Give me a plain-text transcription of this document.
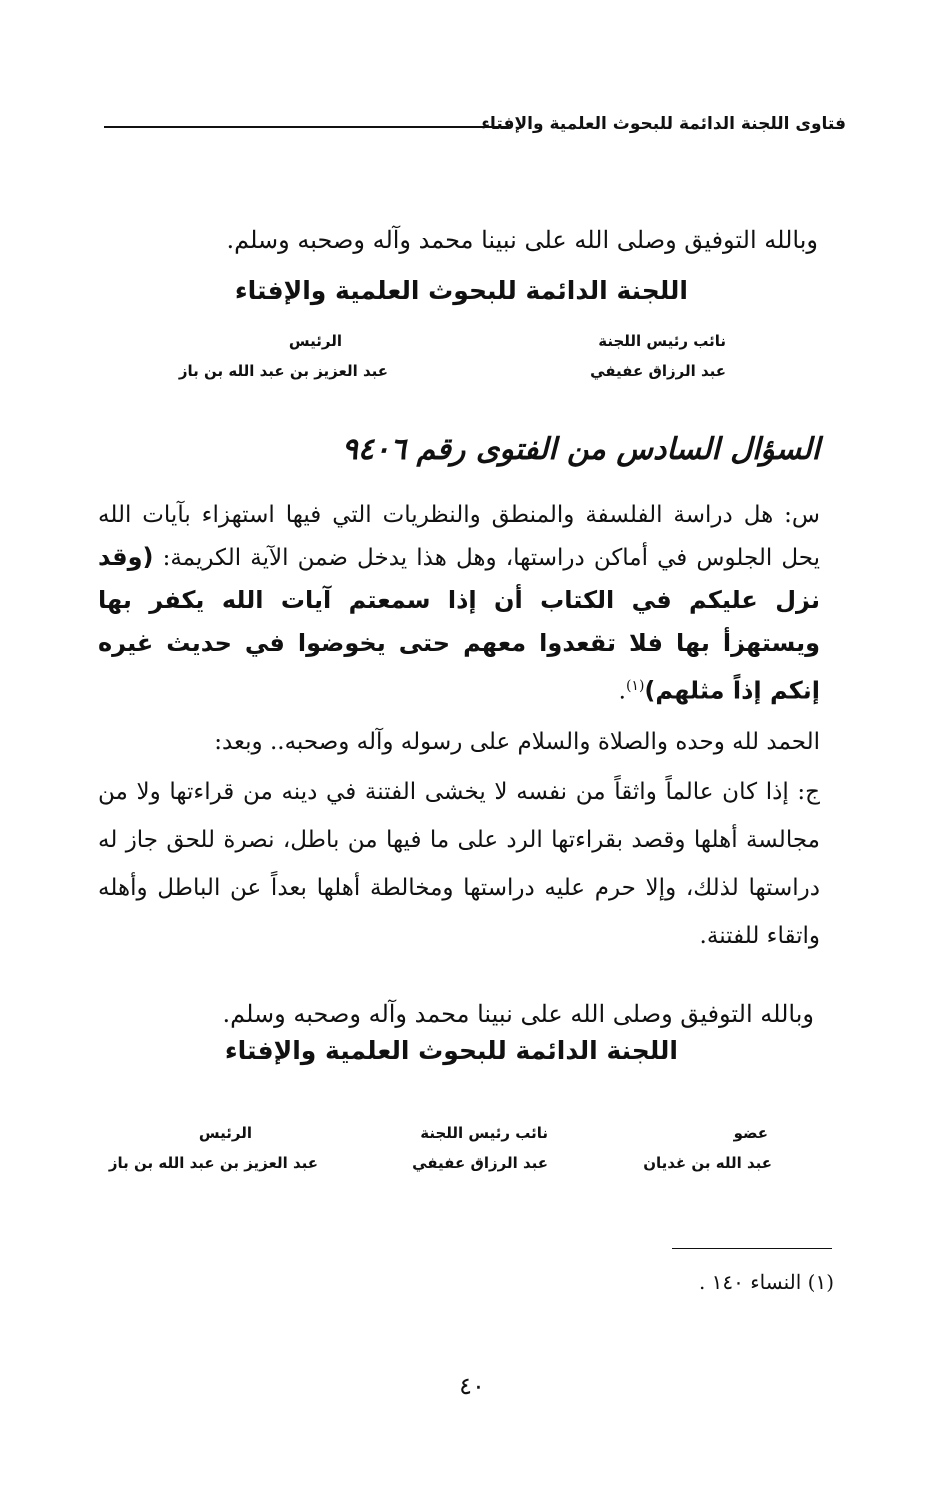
فتاوى اللجنة الدائمة للبحوث العلمية والإفتاء
وبالله التوفيق وصلى الله على نبينا محمد وآله وصحبه وسلم.
اللجنة الدائمة للبحوث العلمية والإفتاء
نائب رئيس اللجنة
عبد الرزاق عفيفي
الرئيس
عبد العزيز بن عبد الله بن باز
السؤال السادس من الفتوى رقم ٩٤٠٦
س: هل دراسة الفلسفة والمنطق والنظريات التي فيها استهزاء بآيات الله يحل الجلوس في أماكن دراستها، وهل هذا يدخل ضمن الآية الكريمة: (وقد نزل عليكم في الكتاب أن إذا سمعتم آيات الله يكفر بها ويستهزأ بها فلا تقعدوا معهم حتى يخوضوا في حديث غيره إنكم إذاً مثلهم)$^{(١)}$.
الحمد لله وحده والصلاة والسلام على رسوله وآله وصحبه.. وبعد:
ج: إذا كان عالماً واثقاً من نفسه لا يخشى الفتنة في دينه من قراءتها ولا من مجالسة أهلها وقصد بقراءتها الرد على ما فيها من باطل، نصرة للحق جاز له دراستها لذلك، وإلا حرم عليه دراستها ومخالطة أهلها بعداً عن الباطل وأهله واتقاء للفتنة.
وبالله التوفيق وصلى الله على نبينا محمد وآله وصحبه وسلم.
اللجنة الدائمة للبحوث العلمية والإفتاء
عضو
عبد الله بن غديان
نائب رئيس اللجنة
عبد الرزاق عفيفي
الرئيس
عبد العزيز بن عبد الله بن باز
(١) النساء ١٤٠ .
٤٠
